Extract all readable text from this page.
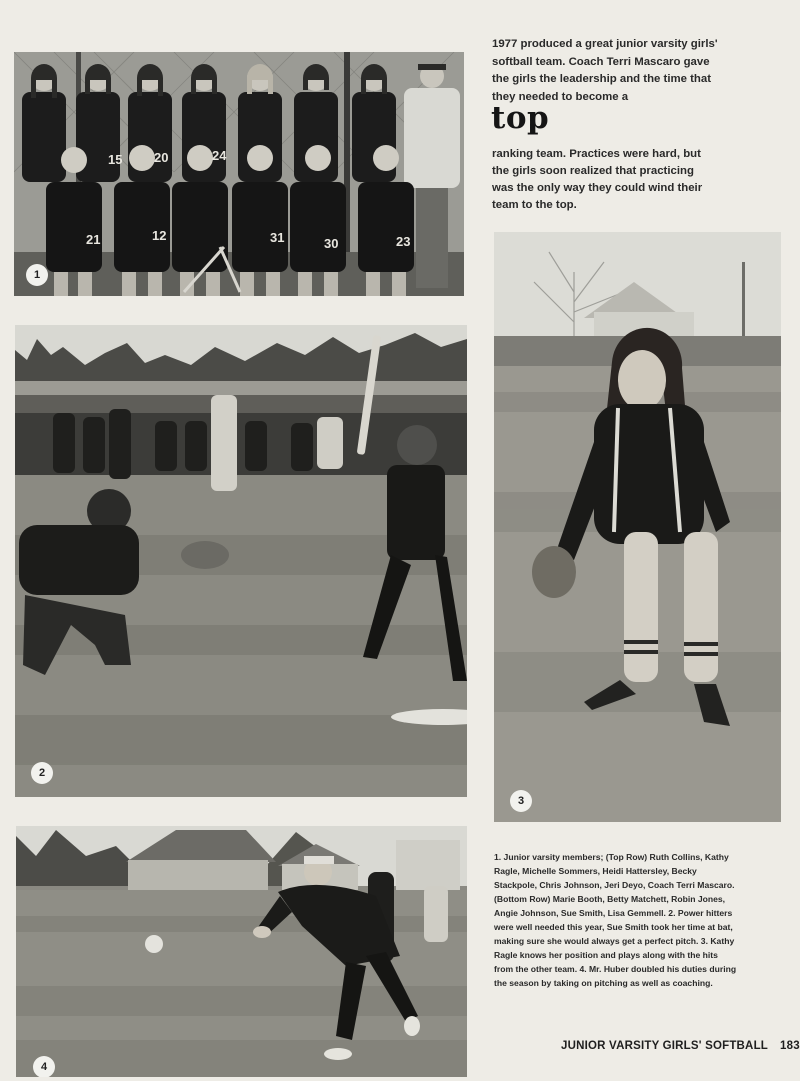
15 20	24
21	12	31	30	23
1
2
3
4
1977 produced a great junior varsity girls' softball team. Coach Terri Mascaro gave the girls the leadership and the time that they needed to become a
top
ranking team. Practices were hard, but the girls soon realized that practicing was the only way they could wind their team to the top.
1. Junior varsity members; (Top Row) Ruth Collins, Kathy Ragle, Michelle Sommers, Heidi Hattersley, Becky Stackpole, Chris Johnson, Jeri Deyo, Coach Terri Mascaro. (Bottom Row) Marie Booth, Betty Matchett, Robin Jones, Angie Johnson, Sue Smith, Lisa Gemmell. 2. Power hitters were well needed this year, Sue Smith took her time at bat, making sure she would always get a perfect pitch. 3. Kathy Ragle knows her position and plays along with the hits from the other team. 4. Mr. Huber doubled his duties during the season by taking on pitching as well as coaching.
JUNIOR VARSITY GIRLS' SOFTBALL 183
